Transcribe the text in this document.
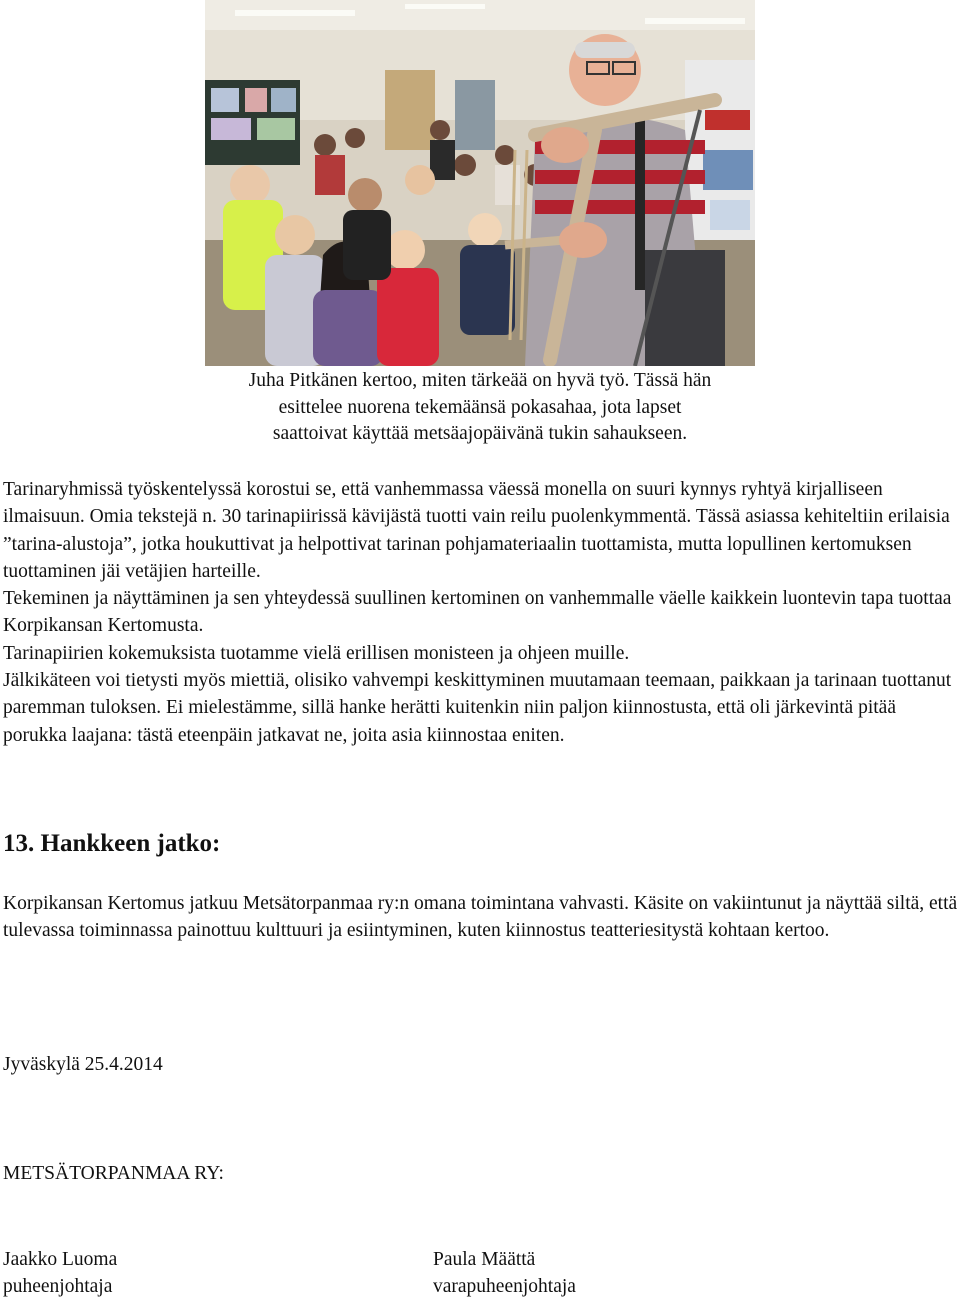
Juha Pitkänen kertoo, miten tärkeää on hyvä työ. Tässä hän

esittelee nuorena tekemäänsä pokasahaa, jota lapset

saattoivat käyttää metsäajopäivänä tukin sahaukseen.

Tarinaryhmissä työskentelyssä korostui se, että vanhemmassa väessä monella on suuri kynnys ryhtyä kirjalliseen ilmaisuun. Omia tekstejä n. 30 tarinapiirissä kävijästä tuotti vain reilu puolenkymmentä. Tässä asiassa kehiteltiin erilaisia ”tarina-alustoja”, jotka houkuttivat ja helpottivat tarinan pohjamateriaalin tuottamista, mutta lopullinen kertomuksen tuottaminen jäi vetäjien harteille.

Tekeminen ja näyttäminen ja sen yhteydessä suullinen kertominen on vanhemmalle väelle kaikkein luontevin tapa tuottaa Korpikansan Kertomusta.

Tarinapiirien kokemuksista tuotamme vielä erillisen monisteen ja ohjeen muille.

Jälkikäteen voi tietysti myös miettiä, olisiko vahvempi keskittyminen muutamaan teemaan, paikkaan ja tarinaan tuottanut paremman tuloksen. Ei mielestämme, sillä hanke herätti kuitenkin niin paljon kiinnostusta, että oli järkevintä pitää porukka laajana: tästä eteenpäin jatkavat ne, joita asia kiinnostaa eniten.

13. Hankkeen jatko:

Korpikansan Kertomus jatkuu Metsätorpanmaa ry:n omana toimintana vahvasti. Käsite on vakiintunut ja näyttää siltä, että tulevassa toiminnassa painottuu kulttuuri ja esiintyminen, kuten kiinnostus teatteriesitystä kohtaan kertoo.

Jyväskylä 25.4.2014

METSÄTORPANMAA RY:

Jaakko Luoma
puheenjohtaja
Paula Määttä
varapuheenjohtaja
